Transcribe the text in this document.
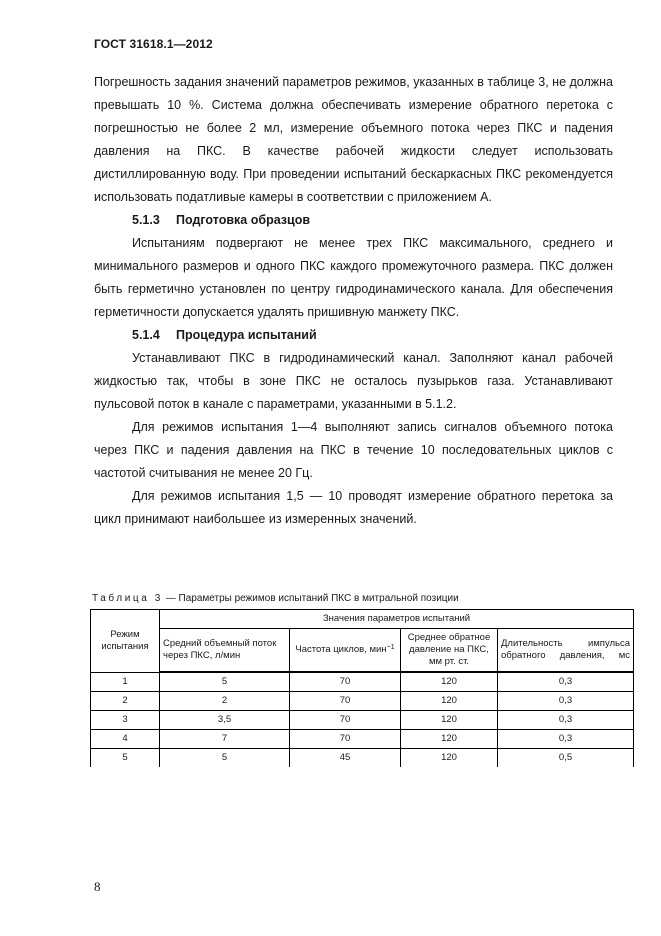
ГОСТ 31618.1—2012

Погрешность задания значений параметров режимов, указанных в таблице 3, не должна превышать 10 %. Система должна обеспечивать измерение обратного перетока с погрешностью не более 2 мл, измерение объемного потока через ПКС и падения давления на ПКС. В качестве рабочей жидкости следует использовать дистиллированную воду. При проведении испытаний бескаркасных ПКС рекомендуется использовать податливые камеры в соответствии с приложением А.

5.1.3 Подготовка образцов

Испытаниям подвергают не менее трех ПКС максимального, среднего и минимального размеров и одного ПКС каждого промежуточного размера. ПКС должен быть герметично установлен по центру гидродинамического канала. Для обеспечения герметичности допускается удалять пришивную манжету ПКС.

5.1.4 Процедура испытаний

Устанавливают ПКС в гидродинамический канал. Заполняют канал рабочей жидкостью так, чтобы в зоне ПКС не осталось пузырьков газа. Устанавливают пульсовой поток в канале с параметрами, указанными в 5.1.2.

Для режимов испытания 1—4 выполняют запись сигналов объемного потока через ПКС и падения давления на ПКС в течение 10 последовательных циклов с частотой считывания не менее 20 Гц.

Для режимов испытания 1,5 — 10 проводят измерение обратного перетока за цикл принимают наибольшее из измеренных значений.

Таблица 3 — Параметры режимов испытаний ПКС в митральной позиции
Режим испытания	Значения параметров испытаний			
	Средний объемный поток через ПКС, л/мин	Частота циклов, мин$^{-1}$	Среднее обратное давление на ПКС, мм рт. ст.	Длительность импульса обратного давления, мс
1	5	70	120	0,3
2	2	70	120	0,3
3	3,5	70	120	0,3
4	7	70	120	0,3
5	5	45	120	0,5
8
